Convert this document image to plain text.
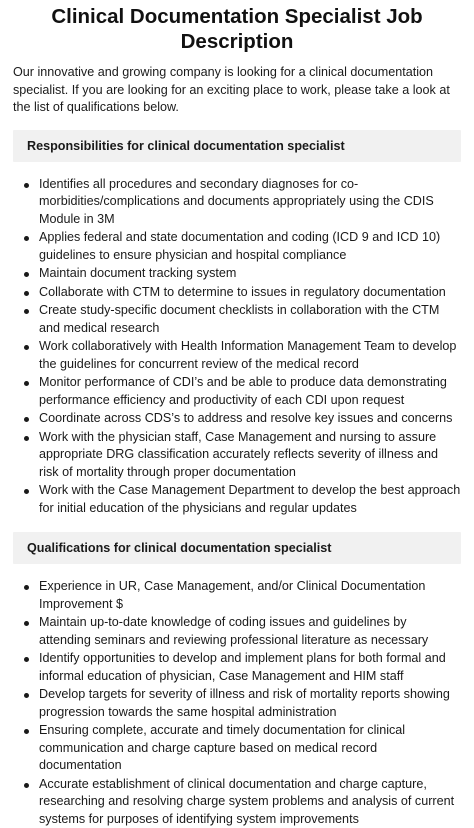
Clinical Documentation Specialist Job Description

Our innovative and growing company is looking for a clinical documentation specialist. If you are looking for an exciting place to work, please take a look at the list of qualifications below.

Responsibilities for clinical documentation specialist
Identifies all procedures and secondary diagnoses for co-morbidities/complications and documents appropriately using the CDIS Module in 3M
Applies federal and state documentation and coding (ICD 9 and ICD 10) guidelines to ensure physician and hospital compliance
Maintain document tracking system
Collaborate with CTM to determine to issues in regulatory documentation
Create study-specific document checklists in collaboration with the CTM and medical research
Work collaboratively with Health Information Management Team to develop the guidelines for concurrent review of the medical record
Monitor performance of CDI’s and be able to produce data demonstrating performance efficiency and productivity of each CDI upon request
Coordinate across CDS’s to address and resolve key issues and concerns
Work with the physician staff, Case Management and nursing to assure appropriate DRG classification accurately reflects severity of illness and risk of mortality through proper documentation
Work with the Case Management Department to develop the best approach for initial education of the physicians and regular updates
Qualifications for clinical documentation specialist
Experience in UR, Case Management, and/or Clinical Documentation Improvement $
Maintain up-to-date knowledge of coding issues and guidelines by attending seminars and reviewing professional literature as necessary
Identify opportunities to develop and implement plans for both formal and informal education of physician, Case Management and HIM staff
Develop targets for severity of illness and risk of mortality reports showing progression towards the same hospital administration
Ensuring complete, accurate and timely documentation for clinical communication and charge capture based on medical record documentation
Accurate establishment of clinical documentation and charge capture, researching and resolving charge system problems and analysis of current systems for purposes of identifying system improvements
